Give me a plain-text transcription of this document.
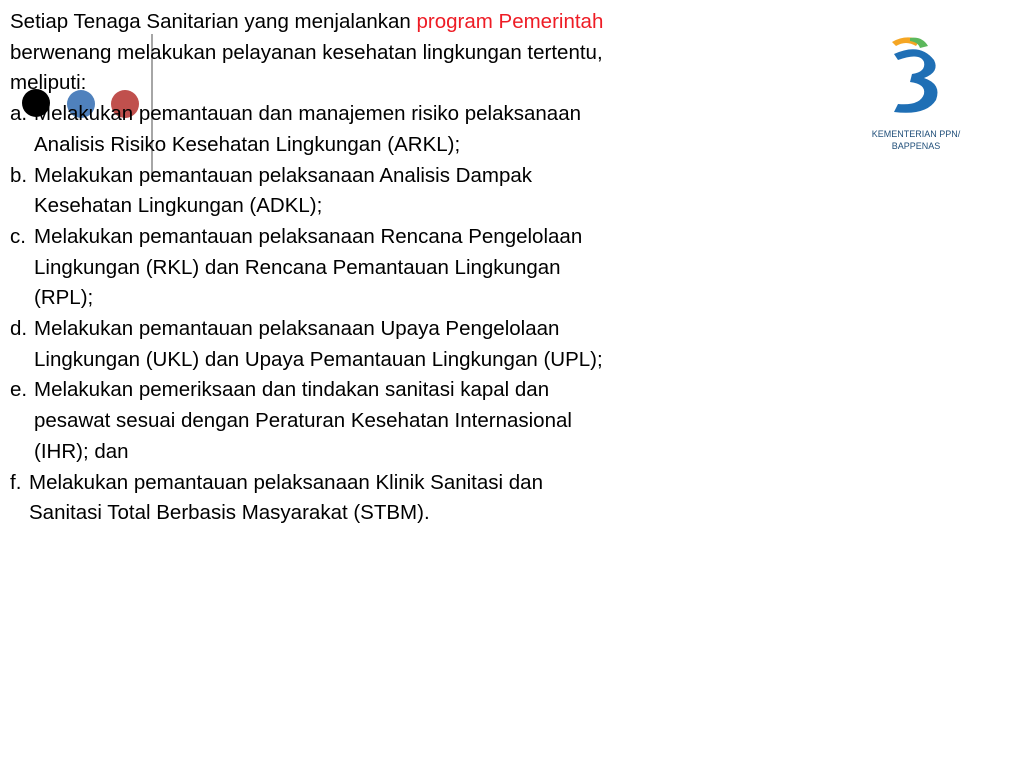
Setiap Tenaga Sanitarian yang menjalankan program Pemerintah

berwenang melakukan pelayanan kesehatan lingkungan tertentu,

meliputi:

a. Melakukan pemantauan dan manajemen risiko pelaksanaan
Analisis Risiko Kesehatan Lingkungan (ARKL);
b. Melakukan pemantauan pelaksanaan Analisis Dampak
Kesehatan Lingkungan (ADKL);
c. Melakukan pemantauan pelaksanaan Rencana Pengelolaan
Lingkungan (RKL) dan Rencana Pemantauan Lingkungan
(RPL);
d. Melakukan pemantauan pelaksanaan Upaya Pengelolaan
Lingkungan (UKL) dan Upaya Pemantauan Lingkungan (UPL);
e. Melakukan pemeriksaan dan tindakan sanitasi kapal dan
pesawat sesuai dengan Peraturan Kesehatan Internasional
(IHR); dan
f. Melakukan pemantauan pelaksanaan Klinik Sanitasi dan
Sanitasi Total Berbasis Masyarakat (STBM).
KEMENTERIAN PPN/
BAPPENAS
